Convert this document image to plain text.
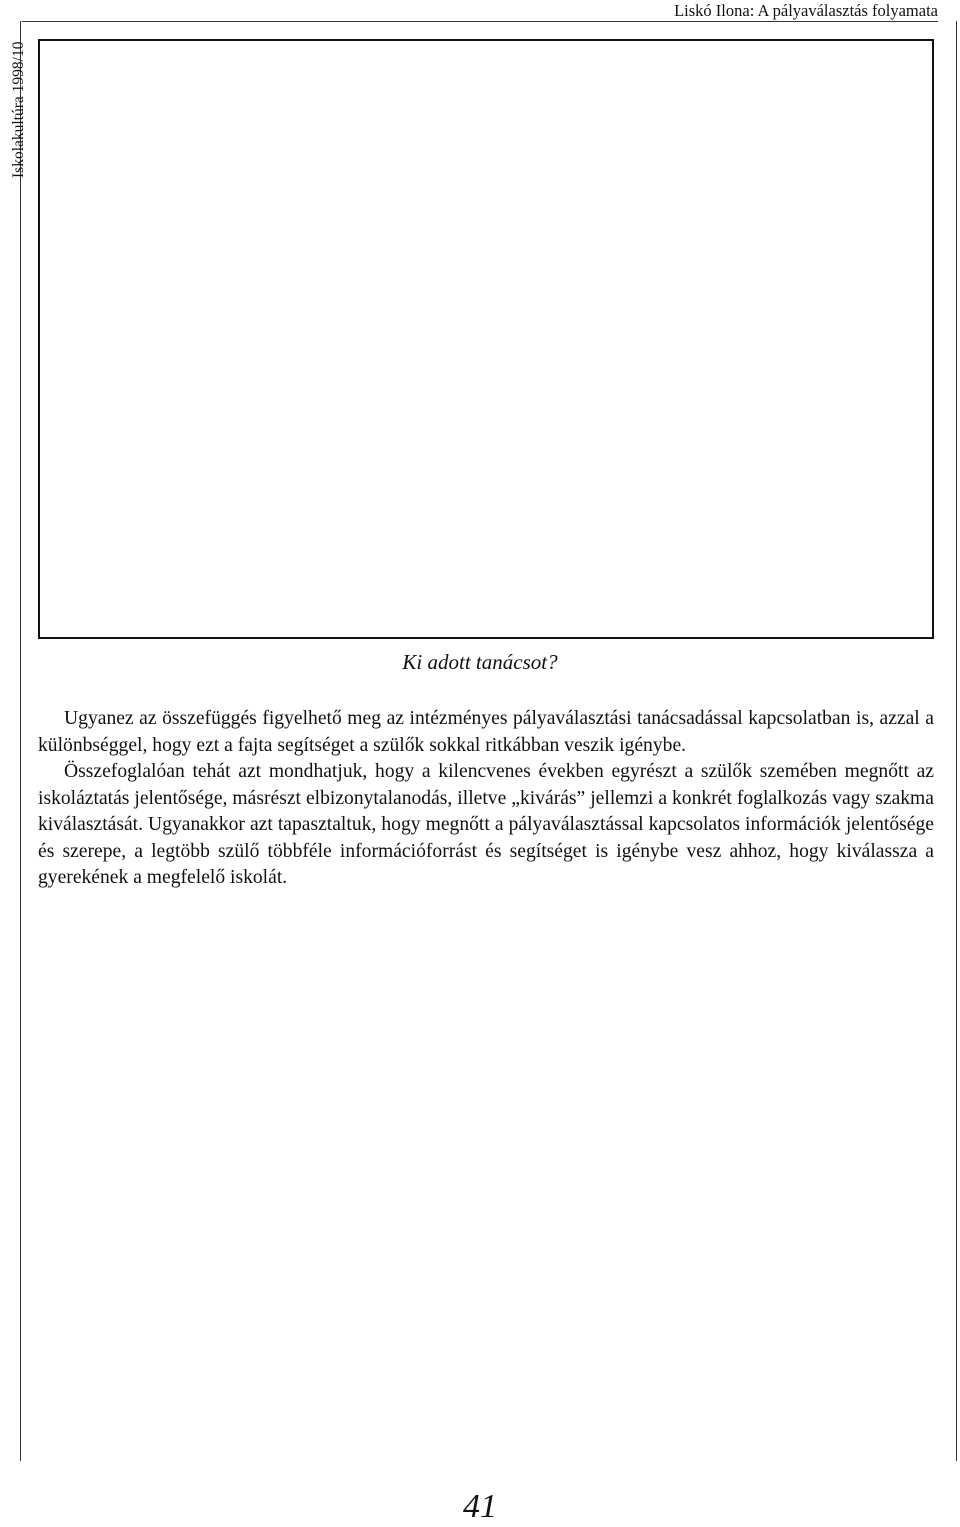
Liskó Ilona: A pályaválasztás folyamata
Iskolakultúra 1998/10
Ki adott tanácsot?

Ugyanez az összefüggés figyelhető meg az intézményes pályaválasztási tanácsadással kapcsolatban is, azzal a különbséggel, hogy ezt a fajta segítséget a szülők sokkal ritkábban veszik igénybe.

Összefoglalóan tehát azt mondhatjuk, hogy a kilencvenes években egyrészt a szülők szemében megnőtt az iskoláztatás jelentősége, másrészt elbizonytalanodás, illetve „kivárás” jellemzi a konkrét foglalkozás vagy szakma kiválasztását. Ugyanakkor azt tapasztaltuk, hogy megnőtt a pályaválasztással kapcsolatos információk jelentősége és szerepe, a legtöbb szülő többféle információforrást és segítséget is igénybe vesz ahhoz, hogy kiválassza a gyerekének a megfelelő iskolát.

41
